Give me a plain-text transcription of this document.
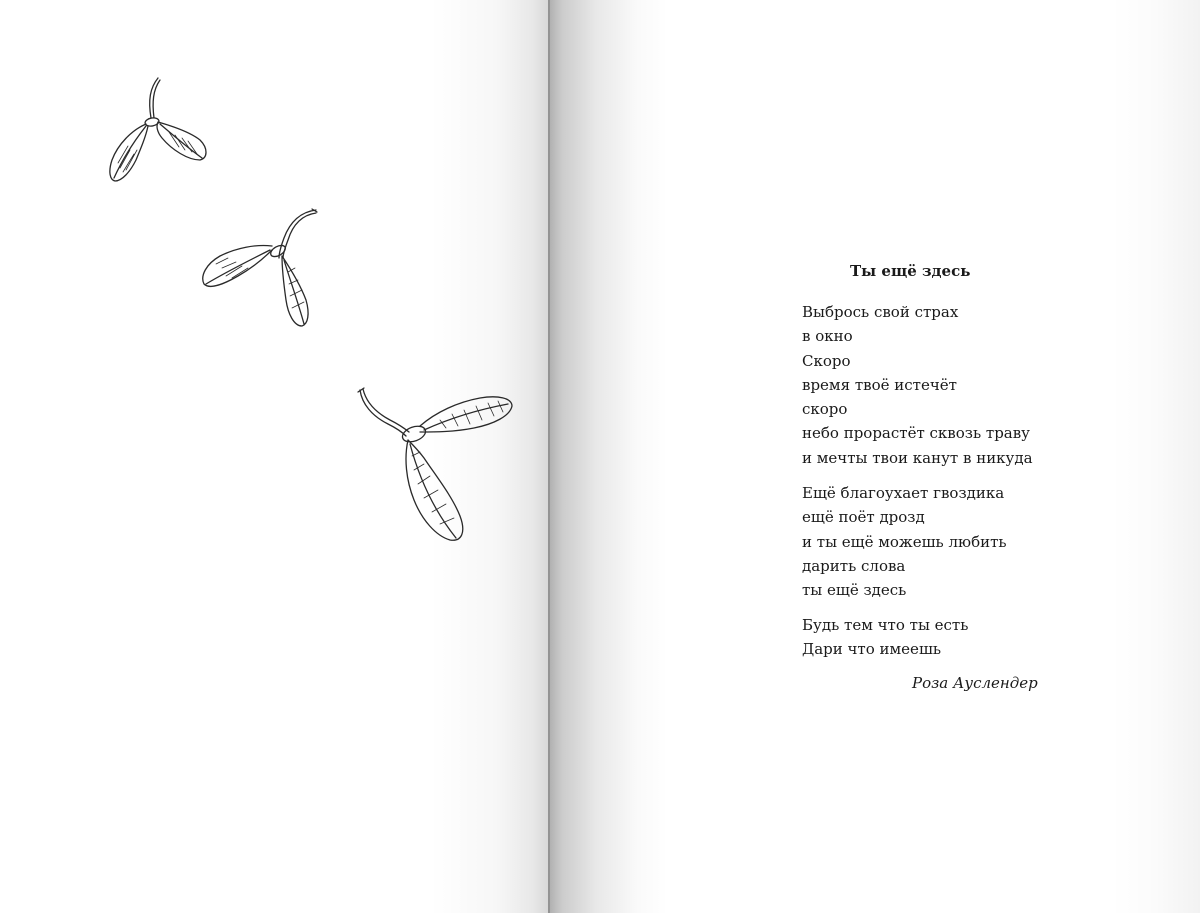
Ты ещё здесь
Выбрось свой страх
в окно
Скоро
время твоё истечёт
скоро
небо прорастёт сквозь траву
и мечты твои канут в никуда
Ещё благоухает гвоздика
ещё поёт дрозд
и ты ещё можешь любить
дарить слова
ты ещё здесь
Будь тем что ты есть
Дари что имеешь
Роза Ауслендер
